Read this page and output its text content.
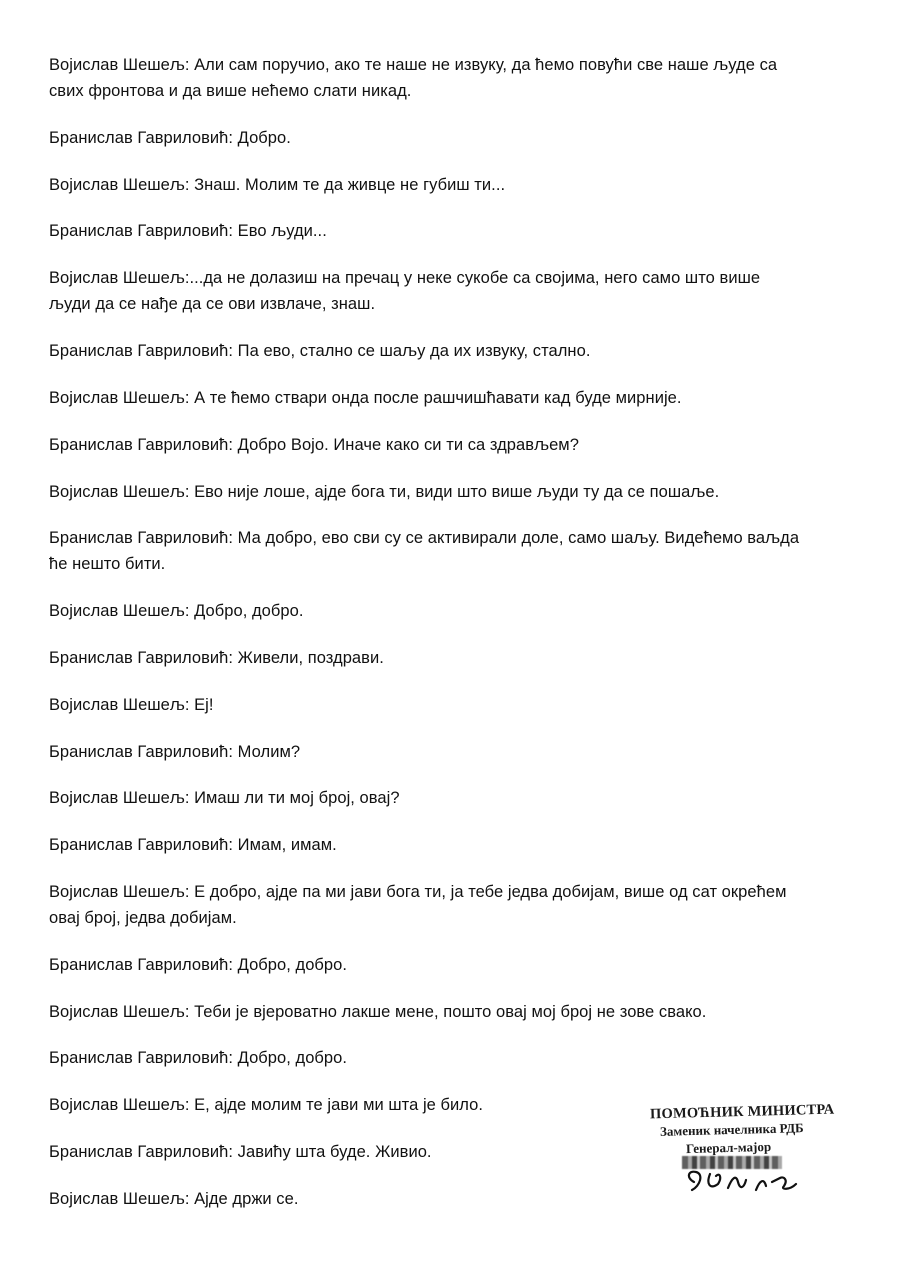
Војислав Шешељ: Али сам поручио, ако те наше не извуку, да ћемо повући све наше људе са

свих фронтова и да више нећемо слати никад.

Бранислав Гавриловић: Добро.

Војислав Шешељ: Знаш. Молим те да живце не губиш ти...

Бранислав Гавриловић: Ево људи...

Војислав Шешељ:...да не долазиш на пречац у неке сукобе са својима, него само што више

људи да се нађе да се ови извлаче, знаш.

Бранислав Гавриловић: Па ево, стално се шаљу да их извуку, стално.

Војислав Шешељ: А те ћемо ствари онда после рашчишћавати кад буде мирније.

Бранислав Гавриловић: Добро Војо. Иначе како си ти са здрављем?

Војислав Шешељ: Ево није лоше, ајде бога ти, види што више људи ту да се пошаље.

Бранислав Гавриловић: Ма добро, ево сви су се активирали доле, само шаљу. Видећемо ваљда

ће нешто бити.

Војислав Шешељ: Добро, добро.

Бранислав Гавриловић: Живели, поздрави.

Војислав Шешељ: Еј!

Бранислав Гавриловић: Молим?

Војислав Шешељ: Имаш ли ти мој број, овај?

Бранислав Гавриловић: Имам, имам.

Војислав Шешељ: Е добро, ајде па ми јави бога ти, ја тебе једва добијам, више од сат окрећем

овај број, једва добијам.

Бранислав Гавриловић: Добро, добро.

Војислав Шешељ: Теби је вјероватно лакше мене, пошто овај мој број не зове свако.

Бранислав Гавриловић: Добро, добро.

Војислав Шешељ: Е, ајде молим те јави ми шта је било.

Бранислав Гавриловић: Јавићу шта буде. Живио.

Војислав Шешељ: Ајде држи се.

ПОМОЋНИК МИНИСТРА
Заменик начелника РДБ
Генерал-мајор
